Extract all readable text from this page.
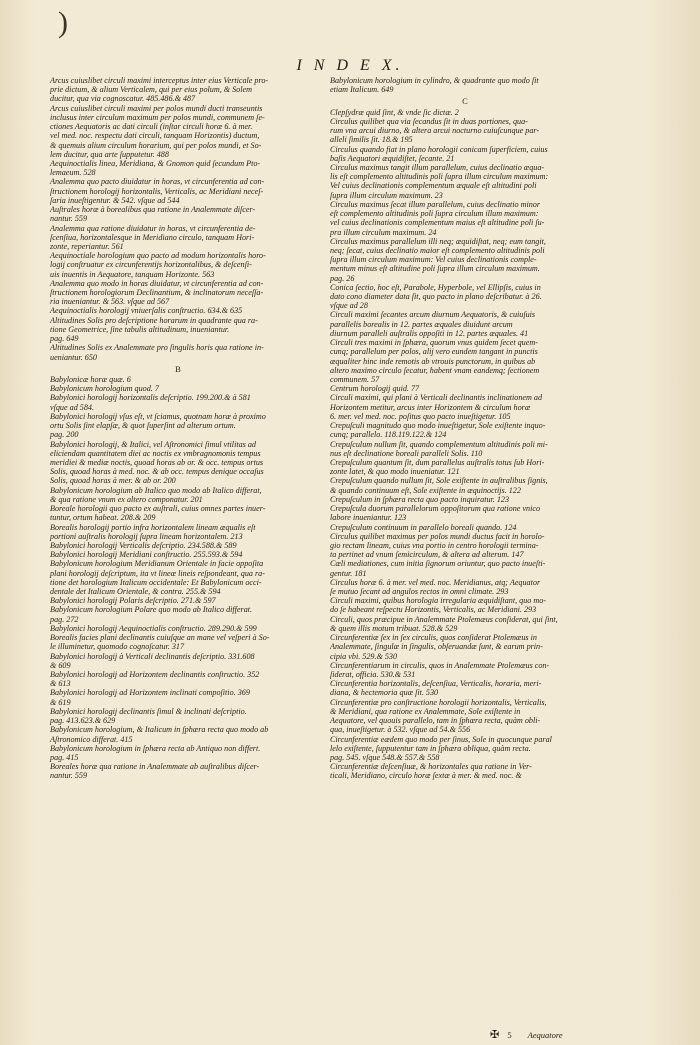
)
I N D E X.

Arcus cuiuslibet circuli maximi interceptus inter eius Verticale pro-

prie dictum, & alium Verticalem, qui per eius polum, & Solem

ducitur, qua via cognoscatur. 485.486.& 487

Arcus cuiuslibet circuli maximi per polos mundi ducti transeuntis

inclusus inter circulum maximum per polos mundi, communem ſe-

ctiones Aequatoris ac dati circuli (inſtar circuli horæ 6. à mer.

vel med. noc. respectu dati circuli, tanquam Horizontis) ductum,

& quemuis alium circulum horarium, qui per polos mundi, et So-

lem ducitur, qua arte ſupputetur. 488

Aequinoctialis linea, Meridiana, & Gnomon quid ſecundum Pto-

lemaeum. 528

Analemma quo pacto diuidatur in horas, vt circunferentia ad con-

ſtructionem horologij horizontalis, Verticalis, ac Meridiani neceſ-

ſaria inueſtigentur. & 542. vſque ad 544

Auſtrales horæ à borealibus qua ratione in Analemmate diſcer-

nantur. 559

Analemma qua ratione diuidatur in horas, vt circunferentia de-

ſcenſiua, horizontalesque in Meridiano circulo, tanquam Hori-

zonte, reperiantur. 561

Aequinoctiale horologium quo pacto ad modum horizontalis horo-

logij conſtruatur ex circunferentijs horizontalibus, & deſcenſi-

uis inuentis in Aequatore, tanquam Horizonte. 563

Analemma quo modo in horas diuidatur, vt circunferentia ad con-

ſtructionem horologiorum Declinantium, & inclinatorum neceſſa-

ria inueniantur. & 563. vſque ad 567

Aequinoctialis horologij vniuerſalis conſtructio. 634.& 635

Altitudines Solis pro deſcriptione horarum in quadrante qua ra-

tione Geometrice, ſine tabulis altitudinum, inueniantur.

pag. 649

Altitudines Solis ex Analemmate pro ſingulis horis qua ratione in-

ueniantur. 650

B

Babylonicæ horæ quæ. 6

Babylonicum horologium quod. 7

Babylonici horologij horizontalis deſcriptio. 199.200.& à 581

vſque ad 584.

Babylonici horologij vſus eſt, vt ſciamus, quotnam horæ à proximo

ortu Solis ſint elapſæ, & quot ſuperſint ad alterum ortum.

pag. 200

Babylonici horologij, & Italici, vel Aſtronomici ſimul vtilitas ad

eliciendam quantitatem diei ac noctis ex vmbragnomonis tempus

meridiei & mediæ noctis, quoad horas ab or. & occ. tempus ortus

Solis, quoad horas à med. noc. & ab occ. tempus denique occaſus

Solis, quoad horas à mer. & ab or. 200

Babylonicum horologium ab Italico quo modo ab Italico differat,

& qua ratione vnum ex altero componatur. 201

Boreale horologii quo pacto ex auſtrali, cuius omnes partes inuer-

tuntur, ortum habeat. 208.& 209

Borealis horologij portio infra horizontalem lineam æqualis eſt

portioni auſtralis horologij ſupra lineam horizontalem. 213

Babylonici horologij Verticalis deſcriptio. 234.588.& 589

Babylonici horologij Meridiani conſtructio. 255.593.& 594

Babylonicum horologium Meridianum Orientale in facie oppoſita

plani horologij deſcriptum, ita vt lineæ lineis reſpondeant, qua ra-

tione det horologium Italicum occidentale: Et Babylonicum occi-

dentale det Italicum Orientale, & contra. 255.& 594

Babylonici horologij Polaris deſcriptio. 271.& 597

Babylonicum horologium Polare quo modo ab Italico differat.

pag. 272

Babylonici horologij Aequinoctialis conſtructio. 289.290.& 599

Borealis facies plani declinantis cuiuſque an mane vel veſperi à So-

le illuminetur, quomodo cognoſcatur. 317

Babylonici horologij à Verticali declinantis deſcriptio. 331.608

& 609

Babylonici horologij ad Horizontem declinantis conſtructio. 352

& 613

Babylonici horologij ad Horizontem inclinati compoſitio. 369

& 619

Babylonici horologij declinantis ſimul & inclinati deſcriptio.

pag. 413.623.& 629

Babylonicum horologium, & Italicum in ſphæra recta quo modo ab

Aſtronomico differat. 415

Babylonicum horologium in ſphæra recta ab Antiquo non differt.

pag. 415

Boreales horæ qua ratione in Analemmate ab auſtralibus diſcer-

nantur. 559

Babylonicum horologium in cylindro, & quadrante quo modo ſit

etiam Italicum. 649

C

Clepſydræ quid ſint, & vnde ſic dictæ. 2

Circulus quilibet qua via ſecandus ſit in duas portiones, qua-

rum vna arcui diurno, & altera arcui nocturno cuiuſcunque par-

alleli ſimilis ſit. 18.& 195

Circulus quando fiat in plano horologii conicam ſuperficiem, cuius

baſis Aequatori æquidiſtet, ſecante. 21

Circulus maximus tangit illum parallelum, cuius declinatio æqua-

lis eſt complemento altitudinis poli ſupra illum circulum maximum:

Vel cuius declinationis complementum æquale eſt altitudini poli

ſupra illum circulum maximum. 23

Circulus maximus ſecat illum parallelum, cuius declinatio minor

eſt complemento altitudinis poli ſupra circulum illum maximum:

vel cuius declinationis complementum maius eſt altitudine poli ſu-

pra illum circulum maximum. 24

Circulus maximus parallelum illi neq; æquidiſtat, neq; eum tangit,

neq; ſecat, cuius declinatio maior eſt complemento altitudinis poli

ſupra illum circulum maximum: Vel cuius declinationis comple-

mentum minus eſt altitudine poli ſupra illum circulum maximum.

pag. 26

Conica ſectio, hoc eſt, Parabole, Hyperbole, vel Ellipſis, cuius in

dato cono diameter data ſit, quo pacto in plano deſcribatur. à 26.

vſque ad 28

Circuli maximi ſecantes arcum diurnum Aequatoris, & cuiuſuis

parallelis borealis in 12. partes æquales diuidunt arcum

diurnum paralleli auſtralis oppoſiti in 12. partes æquales. 41

Circuli tres maximi in ſphæra, quorum vnus quidem ſecet quem-

cunq; parallelum per polos, alij vero eundem tangant in punctis

æqualiter hinc inde remotis ab vtrouis punctorum, in quibus ab

altero maximo circulo ſecatur, habent vnam eandemq; ſectionem

communem. 57

Centrum horologij quid. 77

Circuli maximi, qui plani à Verticali declinantis inclinationem ad

Horizontem metitur, arcus inter Horizontem & circulum horæ

6. mer. vel med. noc. poſitus quo pacto inueſtigetur. 105

Crepuſculi magnitudo quo modo inueſtigetur, Sole exiſtente inquo-

cunq; parallelo. 118.119.122.& 124

Crepuſculum nullum ſit, quando complementum altitudinis poli mi-

nus eſt declinatione boreali paralleli Solis. 110

Crepuſculum quantum ſit, dum parallelus auſtralis totus ſub Hori-

zonte latet, & quo modo inueniatur. 121

Crepuſculum quando nullum ſit, Sole exiſtente in auſtralibus ſignis,

& quando continuum eſt, Sole exiſtente in æquinoctijs. 122

Crepuſculum in ſphæra recta quo pacto inquiratur. 123

Crepuſcula duorum parallelorum oppoſitorum qua ratione vnico

labore inueniantur. 123

Crepuſculum continuum in parallelo boreali quando. 124

Circulus quilibet maximus per polos mundi ductus facit in horolo-

gio rectam lineam, cuius vna portio in centro horologii termina-

ta pertinet ad vnum ſemicirculum, & altera ad alterum. 147

Cæli mediationes, cum initia ſignorum oriuntur, quo pacto inueſti-

gentur. 181

Circulus horæ 6. à mer. vel med. noc. Meridianus, atq; Aequator

ſe mutuo ſecant ad angulos rectos in omni climate. 293

Circuli maximi, quibus horologia irregularia æquidiſtant, quo mo-

do ſe habeant reſpectu Horizontis, Verticalis, ac Meridiani. 293

Circuli, quos præcipue in Analemmate Ptolemæus conſiderat, qui ſint,

& quem illis motum tribuat. 528.& 529

Circunferentiæ ſex in ſex circulis, quos conſiderat Ptolemæus in

Analemmate, ſingulæ in ſingulis, obſeruandæ ſunt, & earum prin-

cipia vbi. 529.& 530

Circunferentiarum in circulis, quos in Analemmate Ptolemæus con-

ſiderat, officia. 530.& 531

Circunferentia horizontalis, deſcenſiua, Verticalis, horaria, meri-

diana, & hectemoria quæ ſit. 530

Circunferentiæ pro conſtructione horologii horizontalis, Verticalis,

& Meridiani, qua ratione ex Analemmate, Sole exiſtente in

Aequatore, vel quouis parallelo, tam in ſphæra recta, quàm obli-

qua, inueſtigetur. à 532. vſque ad 54.& 556

Circunferentiæ eædem quo modo per ſinus, Sole in quocunque paral

lelo exiſtente, ſupputentur tam in ſphæra obliqua, quàm recta.

pag. 545. vſque 548.& 557.& 558

Circunferentiæ deſcenſiuæ, & horizontales qua ratione in Ver-

ticali, Meridiano, circulo horæ ſextæ à mer. & med. noc. &

✠ 5 Aequatore
